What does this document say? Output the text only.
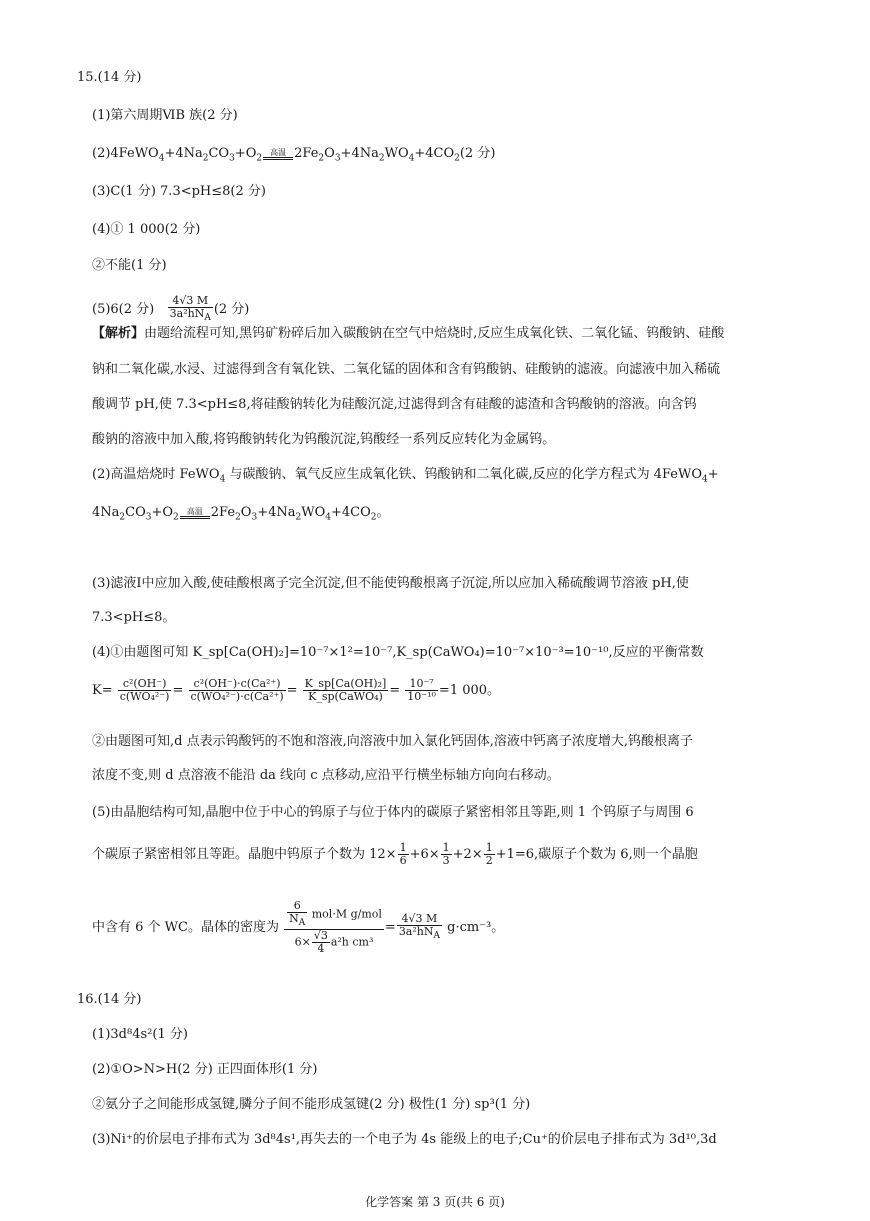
15.(14 分)
(1)第六周期ⅥB 族(2 分)
$(2)4FeWO_4+4Na_2CO_3+O_2$高温 $2Fe_2O_3+4Na_2WO_4+4CO_2(2$ 分)
(3)C(1 分) 7.3<pH≤8(2 分)
(4)① 1 000(2 分)
②不能(1 分)
(5)6(2 分) $\frac{4√3 M}{3a^2hN_A} (2$ 分)
【解析】由题给流程可知,黑钨矿粉碎后加入碳酸钠在空气中焙烧时,反应生成氧化铁、二氧化锰、钨酸钠、硅酸
钠和二氧化碳,水浸、过滤得到含有氧化铁、二氧化锰的固体和含有钨酸钠、硅酸钠的滤液。向滤液中加入稀硫
酸调节 pH,使 7.3<pH≤8,将硅酸钠转化为硅酸沉淀,过滤得到含有硅酸的滤渣和含钨酸钠的溶液。向含钨
酸钠的溶液中加入酸,将钨酸钠转化为钨酸沉淀,钨酸经一系列反应转化为金属钨。
(2)高温焙烧时 FeWO$_4$ 与碳酸钠、氧气反应生成氧化铁、钨酸钠和二氧化碳,反应的化学方程式为 4FeWO$_4$+
$4Na_2CO_3+O_2$高温 $2Fe_2O_3+4Na_2WO_4+4CO_2$。
(3)滤液Ⅰ中应加入酸,使硅酸根离子完全沉淀,但不能使钨酸根离子沉淀,所以应加入稀硫酸调节溶液 pH,使
7.3<pH≤8。
(4)①由题图可知 K_sp[Ca(OH)₂]=10⁻⁷×1²=10⁻⁷,K_sp(CaWO₄)=10⁻⁷×10⁻³=10⁻¹⁰,反应的平衡常数
$K= \frac{\text{c²(OH⁻)}}{\text{c(WO₄²⁻)}} = \frac{\text{c²(OH⁻)·c(Ca²⁺)}}{\text{c(WO₄²⁻)·c(Ca²⁺)}} = \frac{\text{K\_sp[Ca(OH)₂]}}{\text{K\_sp(CaWO₄)}} = \frac{\text{10⁻⁷}}{\text{10⁻¹⁰}} =1$ 000。
②由题图可知,d 点表示钨酸钙的不饱和溶液,向溶液中加入氯化钙固体,溶液中钙离子浓度增大,钨酸根离子
浓度不变,则 d 点溶液不能沿 da 线向 c 点移动,应沿平行横坐标轴方向向右移动。
(5)由晶胞结构可知,晶胞中位于中心的钨原子与位于体内的碳原子紧密相邻且等距,则 1 个钨原子与周围 6
个碳原子紧密相邻且等距。晶胞中钨原子个数为 $12\times \frac{1}{6} +6\times \frac{1}{3} +2\times \frac{1}{2} +1=6$,碳原子个数为 6,则一个晶胞
中含有 6 个 WC。晶体的密度为 $\frac{\frac{6}{N_A} mol\cdot M g/mol}{6\times \frac{√3}{4} a^2h cm^3} = \frac{4√3 M}{3a^2hN_A} g\cdot cm^{-3}$。
16.(14 分)
(1)3d⁸4s²(1 分)
(2)①O>N>H(2 分) 正四面体形(1 分)
②氨分子之间能形成氢键,膦分子间不能形成氢键(2 分) 极性(1 分) sp³(1 分)
(3)Ni⁺的价层电子排布式为 3d⁸4s¹,再失去的一个电子为 4s 能级上的电子;Cu⁺的价层电子排布式为 3d¹⁰,3d
化学答案 第 3 页(共 6 页)
